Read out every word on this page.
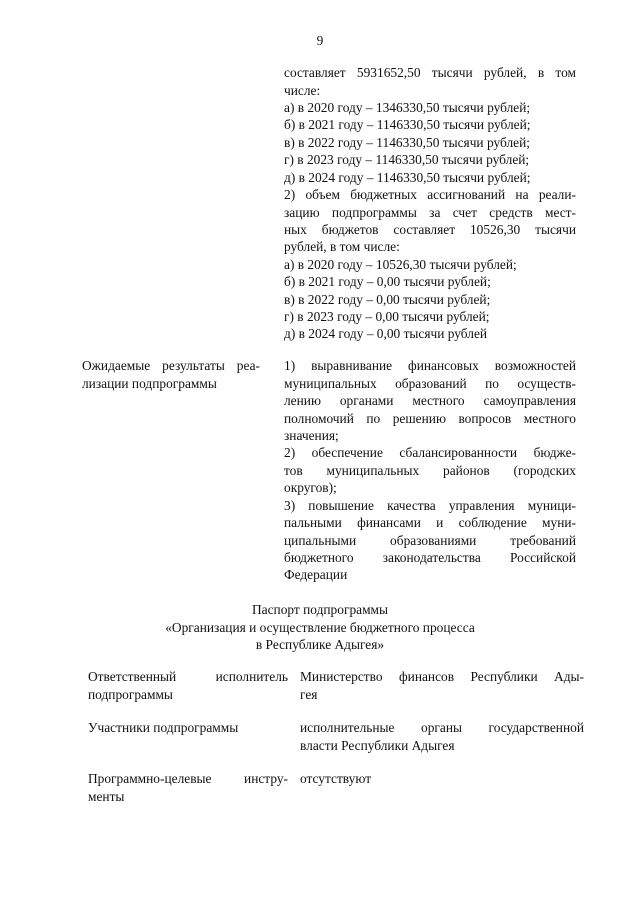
9
составляет 5931652,50 тысячи рублей, в том
числе:
а) в 2020 году – 1346330,50 тысячи рублей;
б) в 2021 году – 1146330,50 тысячи рублей;
в) в 2022 году – 1146330,50 тысячи рублей;
г) в 2023 году – 1146330,50 тысячи рублей;
д) в 2024 году – 1146330,50 тысячи рублей;
2) объем бюджетных ассигнований на реали-
зацию подпрограммы за счет средств мест-
ных бюджетов составляет 10526,30 тысячи
рублей, в том числе:
а) в 2020 году – 10526,30 тысячи рублей;
б) в 2021 году – 0,00 тысячи рублей;
в) в 2022 году – 0,00 тысячи рублей;
г) в 2023 году – 0,00 тысячи рублей;
д) в 2024 году – 0,00 тысячи рублей
Ожидаемые результаты реа-
лизации подпрограммы
1) выравнивание финансовых возможностей
муниципальных образований по осуществ-
лению органами местного самоуправления
полномочий по решению вопросов местного
значения;
2) обеспечение сбалансированности бюдже-
тов муниципальных районов (городских
округов);
3) повышение качества управления муници-
пальными финансами и соблюдение муни-
ципальными образованиями требований
бюджетного законодательства Российской
Федерации
Паспорт подпрограммы
«Организация и осуществление бюджетного процесса
в Республике Адыгея»
Ответственный исполнитель
подпрограммы
Министерство финансов Республики Ады-
гея
Участники подпрограммы	исполнительные органы государственной
власти Республики Адыгея
Программно-целевые инстру-
менты
отсутствуют
